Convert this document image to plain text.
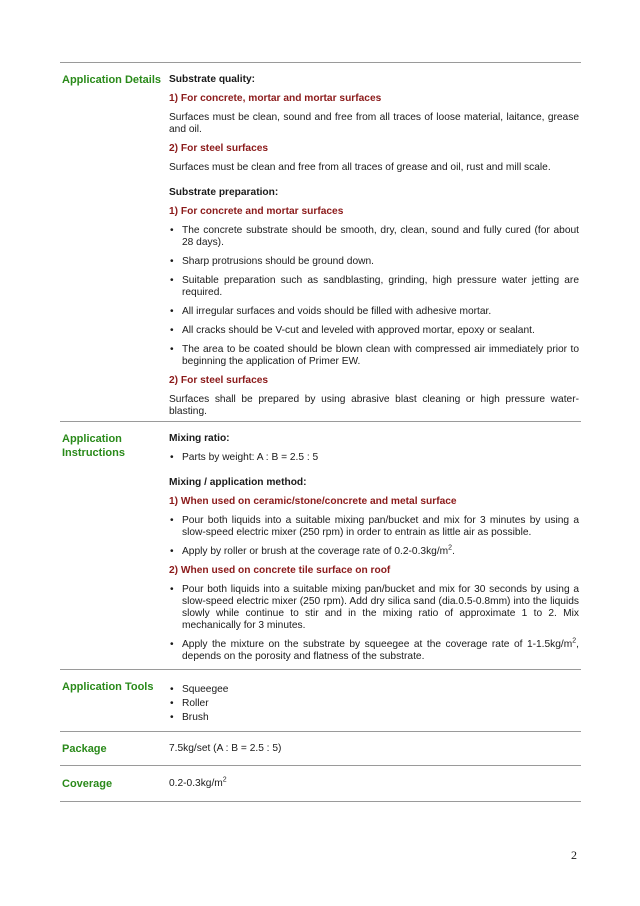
Application Details Substrate quality:

1) For concrete, mortar and mortar surfaces

Surfaces must be clean, sound and free from all traces of loose material, laitance, grease and oil.

2) For steel surfaces

Surfaces must be clean and free from all traces of grease and oil, rust and mill scale.

Substrate preparation:

1) For concrete and mortar surfaces

• The concrete substrate should be smooth, dry, clean, sound and fully cured (for about 28 days).
• Sharp protrusions should be ground down.
• Suitable preparation such as sandblasting, grinding, high pressure water jetting are required.
• All irregular surfaces and voids should be filled with adhesive mortar.
• All cracks should be V-cut and leveled with approved mortar, epoxy or sealant.
• The area to be coated should be blown clean with compressed air immediately prior to beginning the application of Primer EW.

2) For steel surfaces

Surfaces shall be prepared by using abrasive blast cleaning or high pressure water-blasting.

Application Instructions

Mixing ratio:

• Parts by weight: A : B = 2.5 : 5

Mixing / application method:

1) When used on ceramic/stone/concrete and metal surface

• Pour both liquids into a suitable mixing pan/bucket and mix for 3 minutes by using a slow-speed electric mixer (250 rpm) in order to entrain as little air as possible.
• Apply by roller or brush at the coverage rate of $0.2-0.3kg/m^2$.

2) When used on concrete tile surface on roof

• Pour both liquids into a suitable mixing pan/bucket and mix for 30 seconds by using a slow-speed electric mixer (250 rpm). Add dry silica sand (dia.0.5-0.8mm) into the liquids slowly while continue to stir and in the mixing ratio of approximate 1 to 2. Mix mechanically for 3 minutes.
• Apply the mixture on the substrate by squeegee at the coverage rate of $1-1.5kg/m^2$, depends on the porosity and flatness of the substrate.
Application Tools
•	Squeegee
• Roller
• Brush
Package	7.5kg/set (A : B = 2.5 : 5)
Coverage	$0.2-0.3kg/m^2$
2
